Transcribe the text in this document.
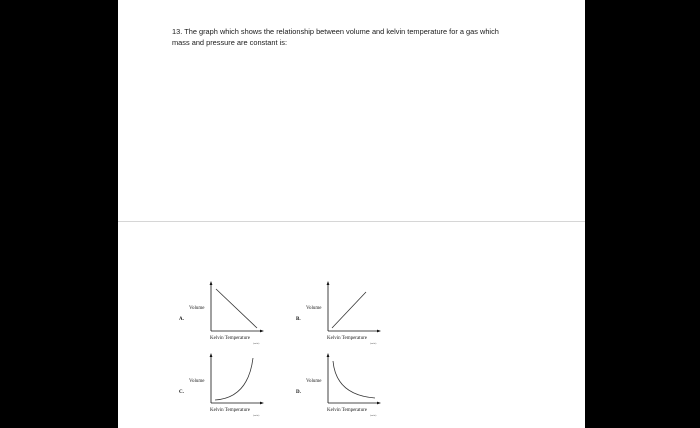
13. The graph which shows the relationship between volume and kelvin temperature for a gas which
mass and pressure are constant is:
A.
Volume
Kelvin Temperature
(units)
B.
Volume
Kelvin Temperature
(units)
C.
Volume
Kelvin Temperature
(units)
D.
Volume
Kelvin Temperature
(units)
